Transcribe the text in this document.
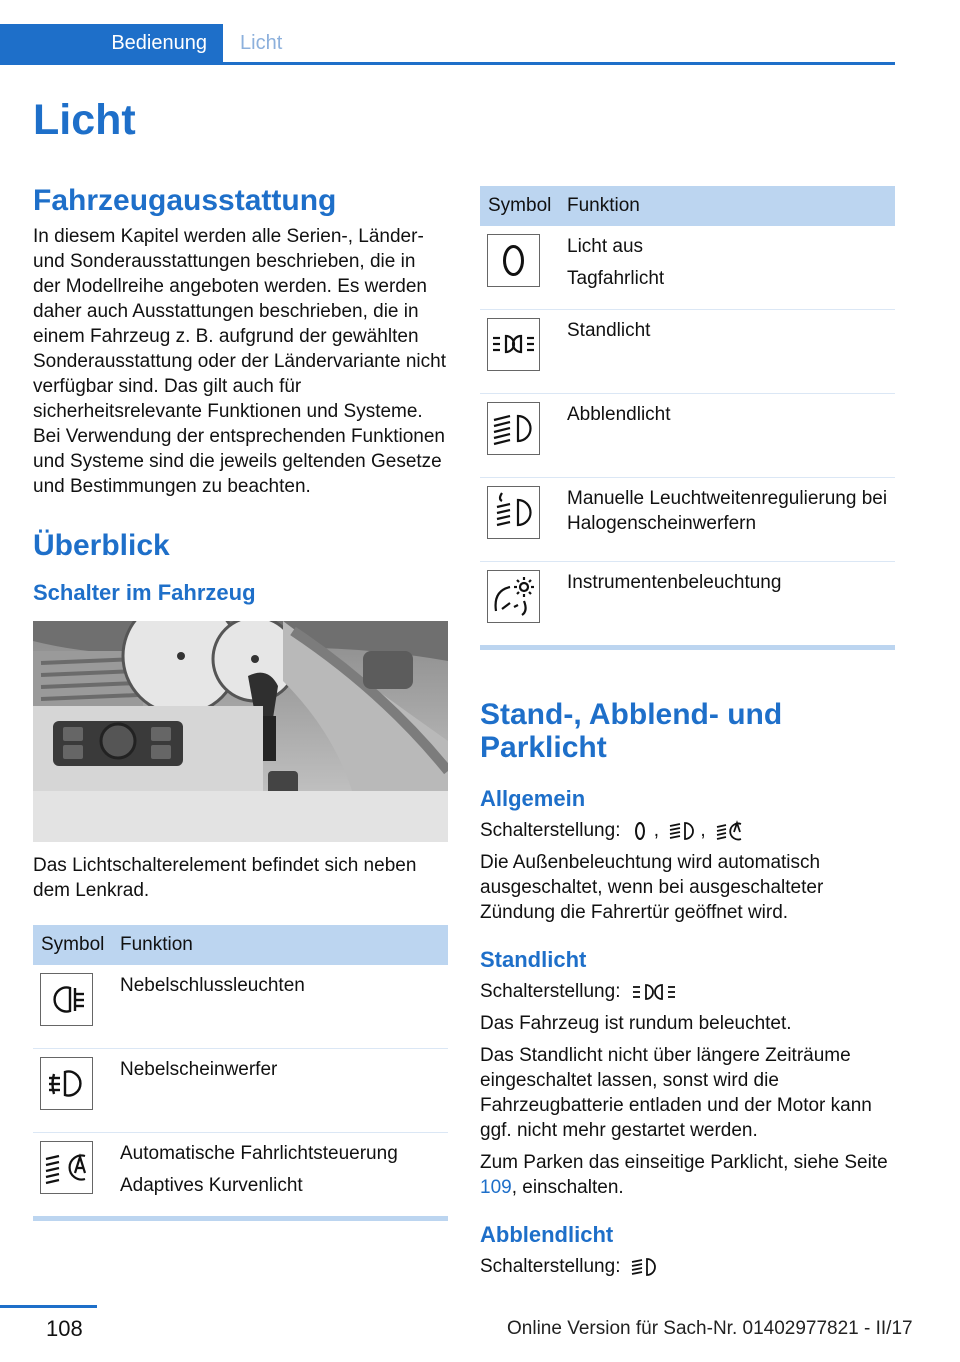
Bedienung	Licht
Licht
Fahrzeugausstattung

In diesem Kapitel werden alle Serien-, Länder- und Sonderausstattungen beschrieben, die in der Modellreihe angeboten werden. Es werden daher auch Ausstattungen beschrieben, die in einem Fahrzeug z. B. aufgrund der gewählten Sonderausstattung oder der Ländervariante nicht verfügbar sind. Das gilt auch für sicherheitsrelevante Funktionen und Systeme. Bei Verwendung der entsprechenden Funktionen und Systeme sind die jeweils geltenden Gesetze und Bestimmungen zu beachten.

Überblick
Schalter im Fahrzeug

Das Lichtschalterelement befindet sich neben dem Lenkrad.

Symbol	Funktion

Nebelschlussleuchten

Nebelscheinwerfer

Automatische Fahrlichtsteuerung
Adaptives Kurvenlicht
Symbol	Funktion

Licht aus
Tagfahrlicht

Standlicht

Abblendlicht

Manuelle Leuchtweitenregulierung bei Halogenscheinwerfern

Instrumentenbeleuchtung
Stand-, Abblend- und Parklicht
Allgemein

Schalterstellung: , ,

Die Außenbeleuchtung wird automatisch ausgeschaltet, wenn bei ausgeschalteter Zündung die Fahrertür geöffnet wird.

Standlicht

Schalterstellung:

Das Fahrzeug ist rundum beleuchtet.

Das Standlicht nicht über längere Zeiträume eingeschaltet lassen, sonst wird die Fahrzeugbatterie entladen und der Motor kann ggf. nicht mehr gestartet werden.

Zum Parken das einseitige Parklicht, siehe Seite 109, einschalten.

Abblendlicht

Schalterstellung:

108	Online Version für Sach-Nr. 01402977821 - II/17
